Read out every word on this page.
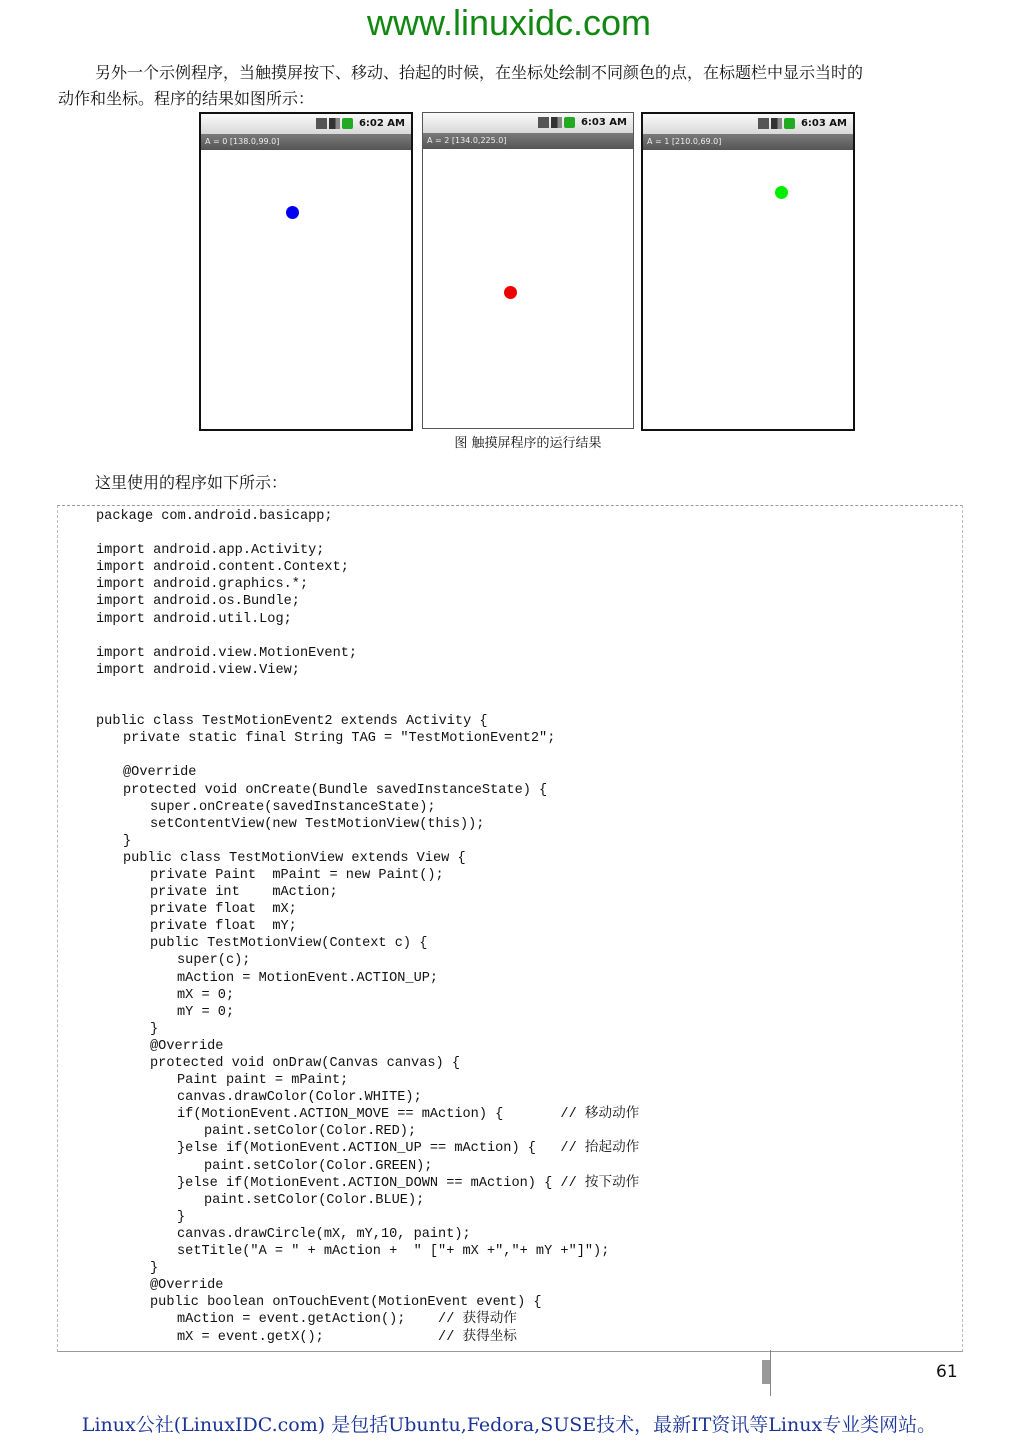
www.linuxidc.com
另外一个示例程序，当触摸屏按下、移动、抬起的时候，在坐标处绘制不同颜色的点，在标题栏中显示当时的
动作和坐标。程序的结果如图所示：
6:02 AM
A = 0 [138.0,99.0]
6:03 AM
A = 2 [134.0,225.0]
6:03 AM
A = 1 [210.0,69.0]
图 触摸屏程序的运行结果
这里使用的程序如下所示：
package com.android.basicapp;
import android.app.Activity;
import android.content.Context;
import android.graphics.*;
import android.os.Bundle;
import android.util.Log;
import android.view.MotionEvent;
import android.view.View;
public class TestMotionEvent2 extends Activity {
private static final String TAG = "TestMotionEvent2";
@Override
protected void onCreate(Bundle savedInstanceState) {
super.onCreate(savedInstanceState);
setContentView(new TestMotionView(this));
}
public class TestMotionView extends View {
private Paint  mPaint = new Paint();
private int    mAction;
private float  mX;
private float  mY;
public TestMotionView(Context c) {
super(c);
mAction = MotionEvent.ACTION_UP;
mX = 0;
mY = 0;
}
@Override
protected void onDraw(Canvas canvas) {
Paint paint = mPaint;
canvas.drawColor(Color.WHITE);
if(MotionEvent.ACTION_MOVE == mAction) {       // 移动动作
paint.setColor(Color.RED);
}else if(MotionEvent.ACTION_UP == mAction) {   // 抬起动作
paint.setColor(Color.GREEN);
}else if(MotionEvent.ACTION_DOWN == mAction) { // 按下动作
paint.setColor(Color.BLUE);
}
canvas.drawCircle(mX, mY,10, paint);
setTitle("A = " + mAction +  " ["+ mX +","+ mY +"]");
}
@Override
public boolean onTouchEvent(MotionEvent event) {
mAction = event.getAction();    // 获得动作
mX = event.getX();              // 获得坐标
61
Linux公社(LinuxIDC.com) 是包括Ubuntu,Fedora,SUSE技术，最新IT资讯等Linux专业类网站。
